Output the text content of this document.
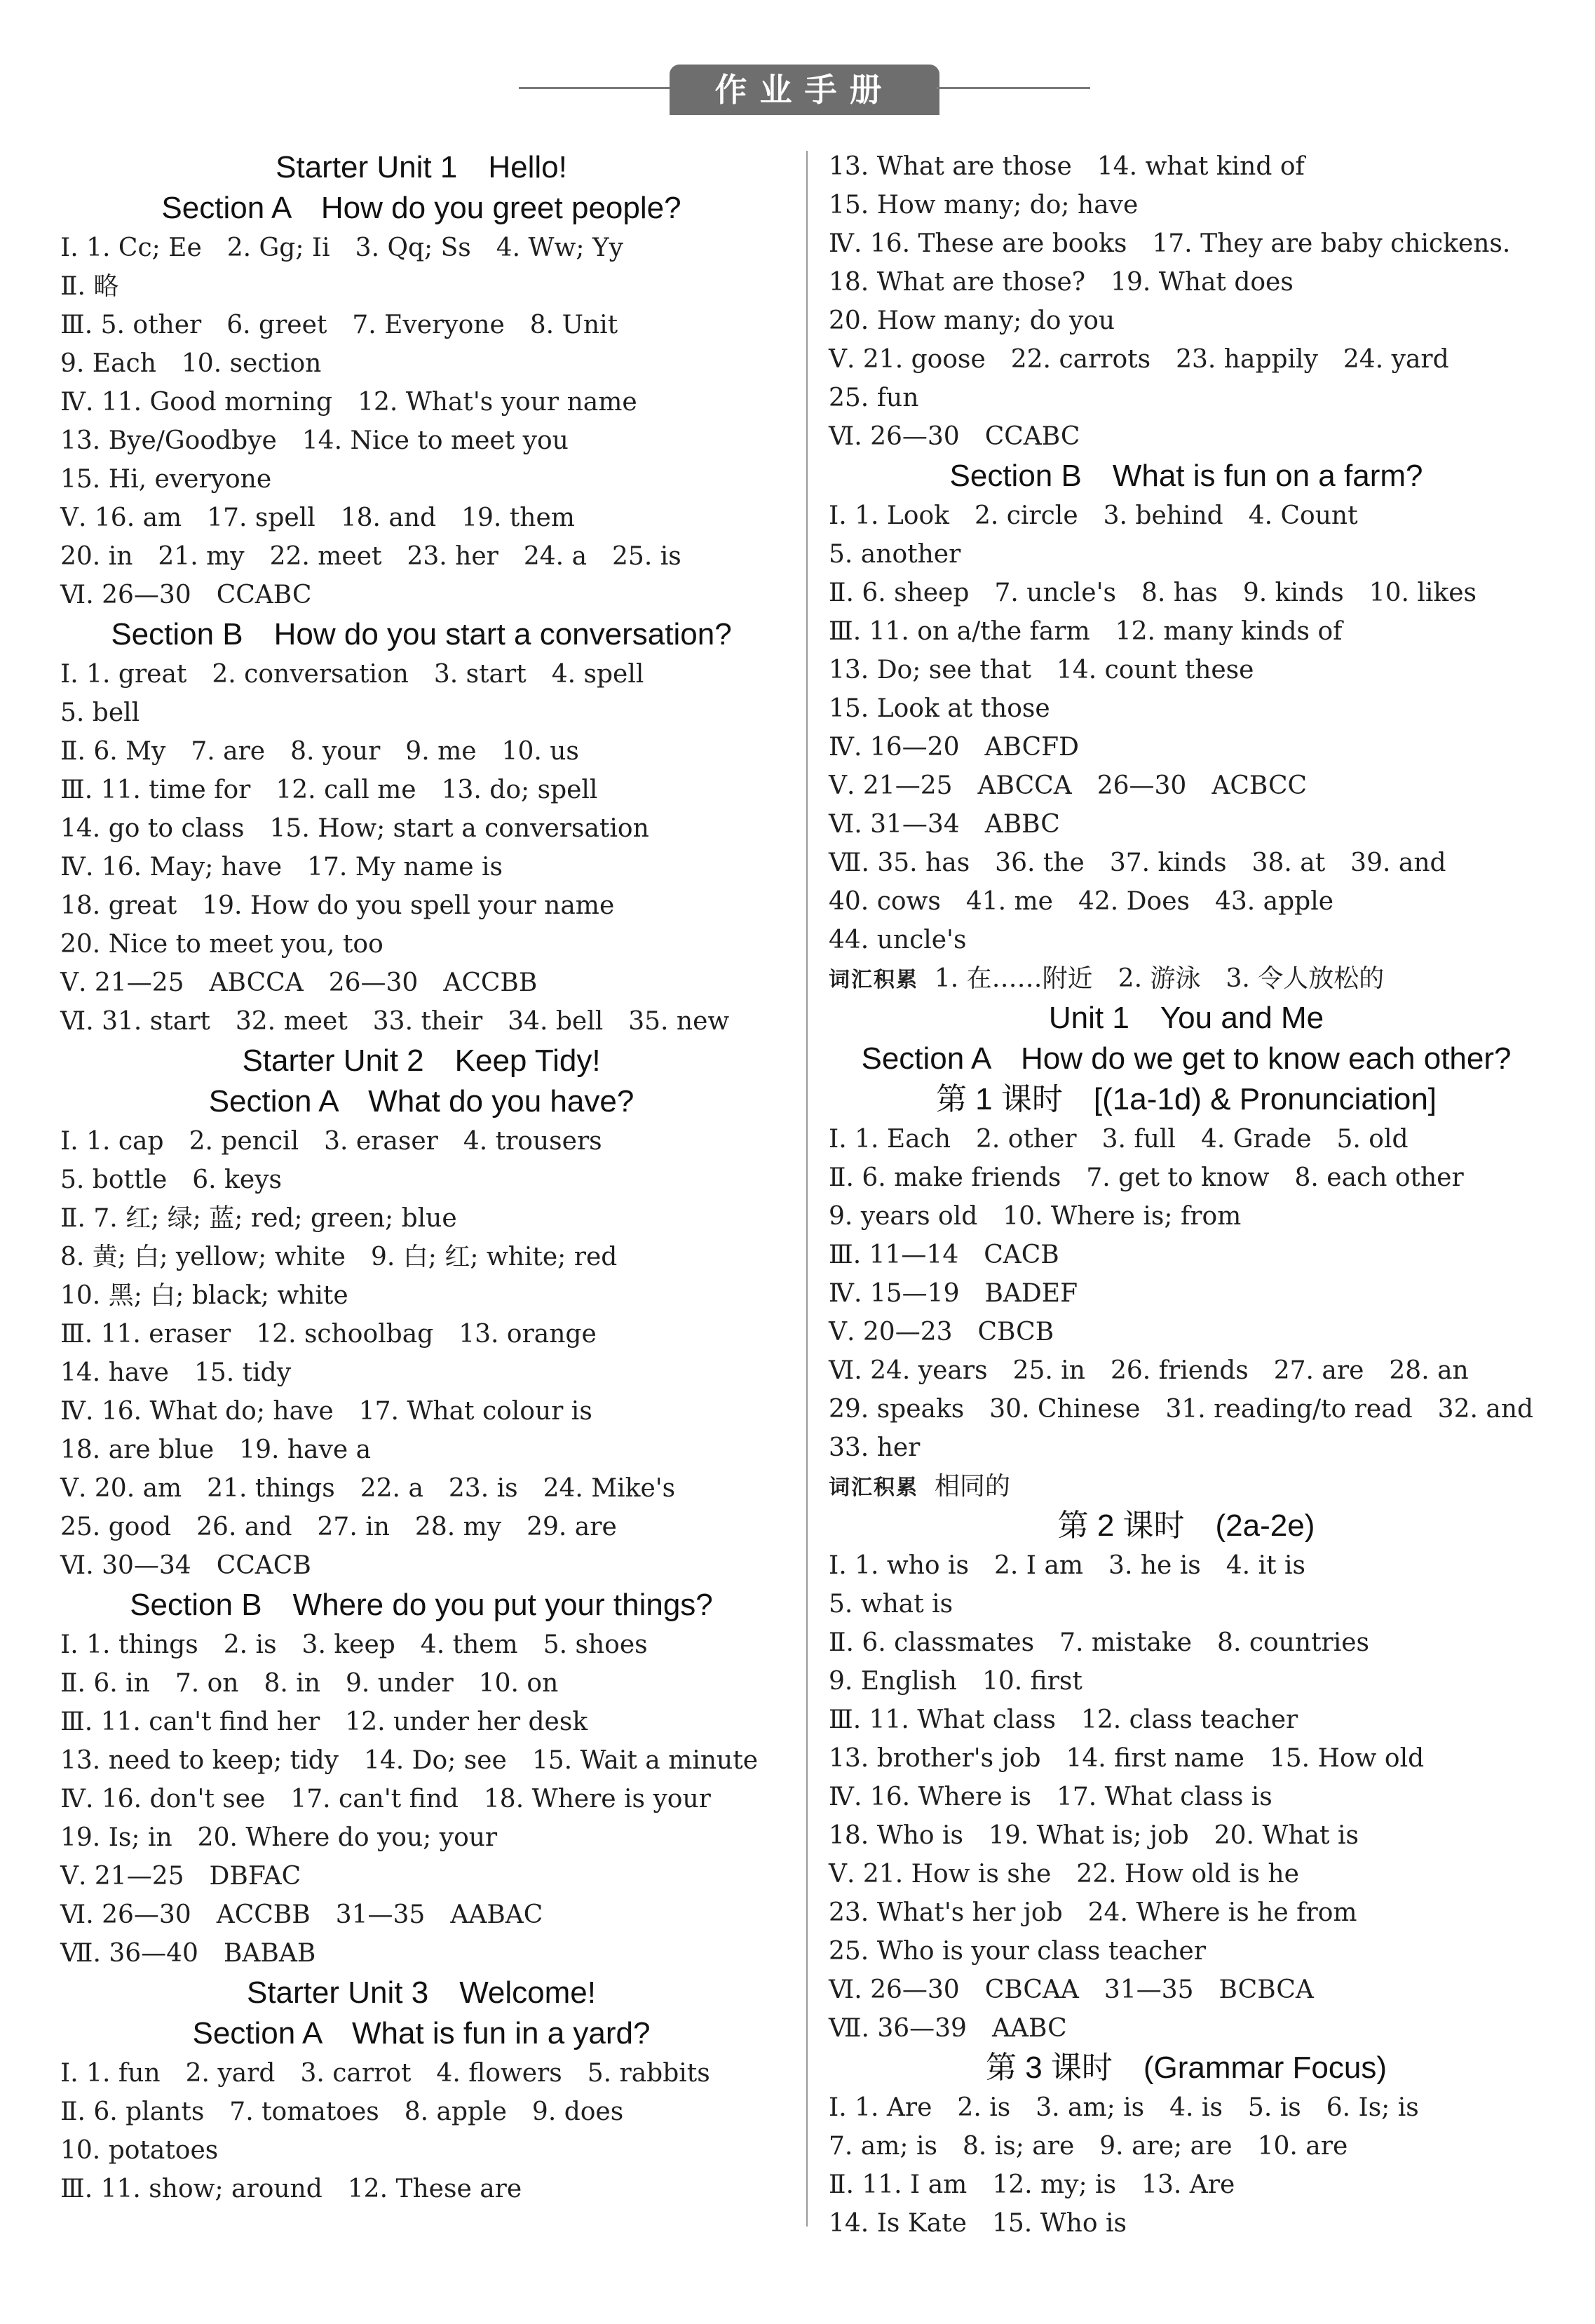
作业手册
Starter Unit 1　Hello!
Section A　How do you greet people?
Ⅰ. 1. Cc; Ee　2. Gg; Ii　3. Qq; Ss　4. Ww; Yy
Ⅱ. 略
Ⅲ. 5. other　6. greet　7. Everyone　8. Unit
9. Each　10. section
Ⅳ. 11. Good morning　12. What's your name
13. Bye/Goodbye　14. Nice to meet you
15. Hi, everyone
Ⅴ. 16. am　17. spell　18. and　19. them
20. in　21. my　22. meet　23. her　24. a　25. is
Ⅵ. 26—30　CCABC
Section B　How do you start a conversation?
Ⅰ. 1. great　2. conversation　3. start　4. spell
5. bell
Ⅱ. 6. My　7. are　8. your　9. me　10. us
Ⅲ. 11. time for　12. call me　13. do; spell
14. go to class　15. How; start a conversation
Ⅳ. 16. May; have　17. My name is
18. great　19. How do you spell your name
20. Nice to meet you, too
Ⅴ. 21—25　ABCCA　26—30　ACCBB
Ⅵ. 31. start　32. meet　33. their　34. bell　35. new
Starter Unit 2　Keep Tidy!
Section A　What do you have?
Ⅰ. 1. cap　2. pencil　3. eraser　4. trousers
5. bottle　6. keys
Ⅱ. 7. 红; 绿; 蓝; red; green; blue
8. 黄; 白; yellow; white　9. 白; 红; white; red
10. 黑; 白; black; white
Ⅲ. 11. eraser　12. schoolbag　13. orange
14. have　15. tidy
Ⅳ. 16. What do; have　17. What colour is
18. are blue　19. have a
Ⅴ. 20. am　21. things　22. a　23. is　24. Mike's
25. good　26. and　27. in　28. my　29. are
Ⅵ. 30—34　CCACB
Section B　Where do you put your things?
Ⅰ. 1. things　2. is　3. keep　4. them　5. shoes
Ⅱ. 6. in　7. on　8. in　9. under　10. on
Ⅲ. 11. can't find her　12. under her desk
13. need to keep; tidy　14. Do; see　15. Wait a minute
Ⅳ. 16. don't see　17. can't find　18. Where is your
19. Is; in　20. Where do you; your
Ⅴ. 21—25　DBFAC
Ⅵ. 26—30　ACCBB　31—35　AABAC
Ⅶ. 36—40　BABAB
Starter Unit 3　Welcome!
Section A　What is fun in a yard?
Ⅰ. 1. fun　2. yard　3. carrot　4. flowers　5. rabbits
Ⅱ. 6. plants　7. tomatoes　8. apple　9. does
10. potatoes
Ⅲ. 11. show; around　12. These are
13. What are those　14. what kind of
15. How many; do; have
Ⅳ. 16. These are books　17. They are baby chickens.
18. What are those?　19. What does
20. How many; do you
Ⅴ. 21. goose　22. carrots　23. happily　24. yard
25. fun
Ⅵ. 26—30　CCABC
Section B　What is fun on a farm?
Ⅰ. 1. Look　2. circle　3. behind　4. Count
5. another
Ⅱ. 6. sheep　7. uncle's　8. has　9. kinds　10. likes
Ⅲ. 11. on a/the farm　12. many kinds of
13. Do; see that　14. count these
15. Look at those
Ⅳ. 16—20　ABCFD
Ⅴ. 21—25　ABCCA　26—30　ACBCC
Ⅵ. 31—34　ABBC
Ⅶ. 35. has　36. the　37. kinds　38. at　39. and
40. cows　41. me　42. Does　43. apple
44. uncle's
词汇积累  1. 在……附近　2. 游泳　3. 令人放松的
Unit 1　You and Me
Section A　How do we get to know each other?
第 1 课时　[(1a-1d) & Pronunciation]
Ⅰ. 1. Each　2. other　3. full　4. Grade　5. old
Ⅱ. 6. make friends　7. get to know　8. each other
9. years old　10. Where is; from
Ⅲ. 11—14　CACB
Ⅳ. 15—19　BADEF
Ⅴ. 20—23　CBCB
Ⅵ. 24. years　25. in　26. friends　27. are　28. an
29. speaks　30. Chinese　31. reading/to read　32. and
33. her
词汇积累  相同的
第 2 课时　(2a-2e)
Ⅰ. 1. who is　2. I am　3. he is　4. it is
5. what is
Ⅱ. 6. classmates　7. mistake　8. countries
9. English　10. first
Ⅲ. 11. What class　12. class teacher
13. brother's job　14. first name　15. How old
Ⅳ. 16. Where is　17. What class is
18. Who is　19. What is; job　20. What is
Ⅴ. 21. How is she　22. How old is he
23. What's her job　24. Where is he from
25. Who is your class teacher
Ⅵ. 26—30　CBCAA　31—35　BCBCA
Ⅶ. 36—39　AABC
第 3 课时　(Grammar Focus)
Ⅰ. 1. Are　2. is　3. am; is　4. is　5. is　6. Is; is
7. am; is　8. is; are　9. are; are　10. are
Ⅱ. 11. I am　12. my; is　13. Are
14. Is Kate　15. Who is
